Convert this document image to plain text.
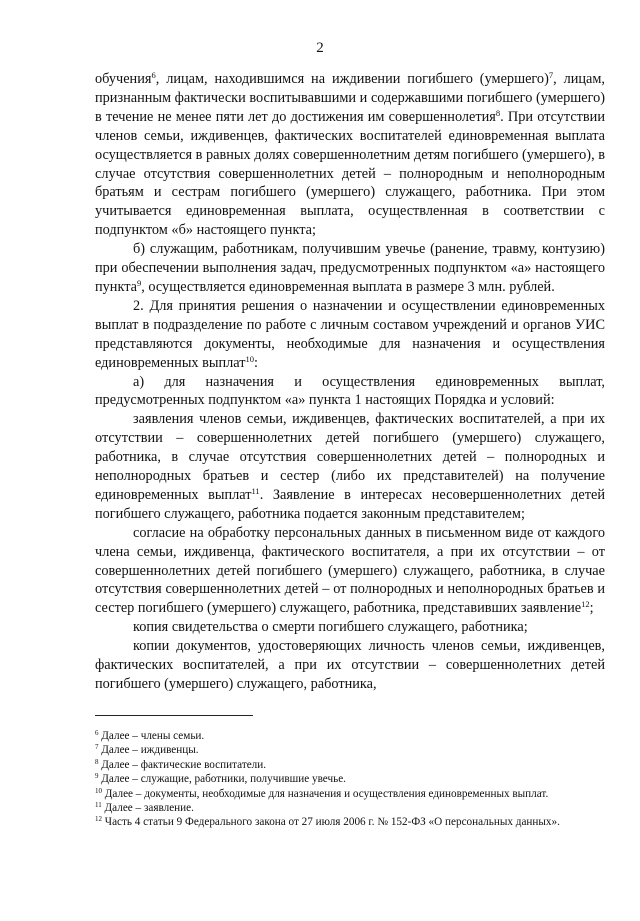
2

обучения$^6$, лицам, находившимся на иждивении погибшего (умершего)$^7$, лицам, признанным фактически воспитывавшими и содержавшими погибшего (умершего) в течение не менее пяти лет до достижения им совершеннолетия$^8$. При отсутствии членов семьи, иждивенцев, фактических воспитателей единовременная выплата осуществляется в равных долях совершеннолетним детям погибшего (умершего), в случае отсутствия совершеннолетних детей – полнородным и неполнородным братьям и сестрам погибшего (умершего) служащего, работника. При этом учитывается единовременная выплата, осуществленная в соответствии с подпунктом «б» настоящего пункта;

б) служащим, работникам, получившим увечье (ранение, травму, контузию) при обеспечении выполнения задач, предусмотренных подпунктом «а» настоящего пункта$^9$, осуществляется единовременная выплата в размере 3 млн. рублей.

2. Для принятия решения о назначении и осуществлении единовременных выплат в подразделение по работе с личным составом учреждений и органов УИС представляются документы, необходимые для назначения и осуществления единовременных выплат$^{10}$:

а) для назначения и осуществления единовременных выплат, предусмотренных подпунктом «а» пункта 1 настоящих Порядка и условий:

заявления членов семьи, иждивенцев, фактических воспитателей, а при их отсутствии – совершеннолетних детей погибшего (умершего) служащего, работника, в случае отсутствия совершеннолетних детей – полнородных и неполнородных братьев и сестер (либо их представителей) на получение единовременных выплат$^{11}$. Заявление в интересах несовершеннолетних детей погибшего служащего, работника подается законным представителем;

согласие на обработку персональных данных в письменном виде от каждого члена семьи, иждивенца, фактического воспитателя, а при их отсутствии – от совершеннолетних детей погибшего (умершего) служащего, работника, в случае отсутствия совершеннолетних детей – от полнородных и неполнородных братьев и сестер погибшего (умершего) служащего, работника, представивших заявление$^{12}$;

копия свидетельства о смерти погибшего служащего, работника;

копии документов, удостоверяющих личность членов семьи, иждивенцев, фактических воспитателей, а при их отсутствии – совершеннолетних детей погибшего (умершего) служащего, работника,

$^6$ Далее – члены семьи.

$^7$ Далее – иждивенцы.

$^8$ Далее – фактические воспитатели.

$^9$ Далее – служащие, работники, получившие увечье.

$^{10}$ Далее – документы, необходимые для назначения и осуществления единовременных выплат.

$^{11}$ Далее – заявление.

$^{12}$ Часть 4 статьи 9 Федерального закона от 27 июля 2006 г. № 152-ФЗ «О персональных данных».
